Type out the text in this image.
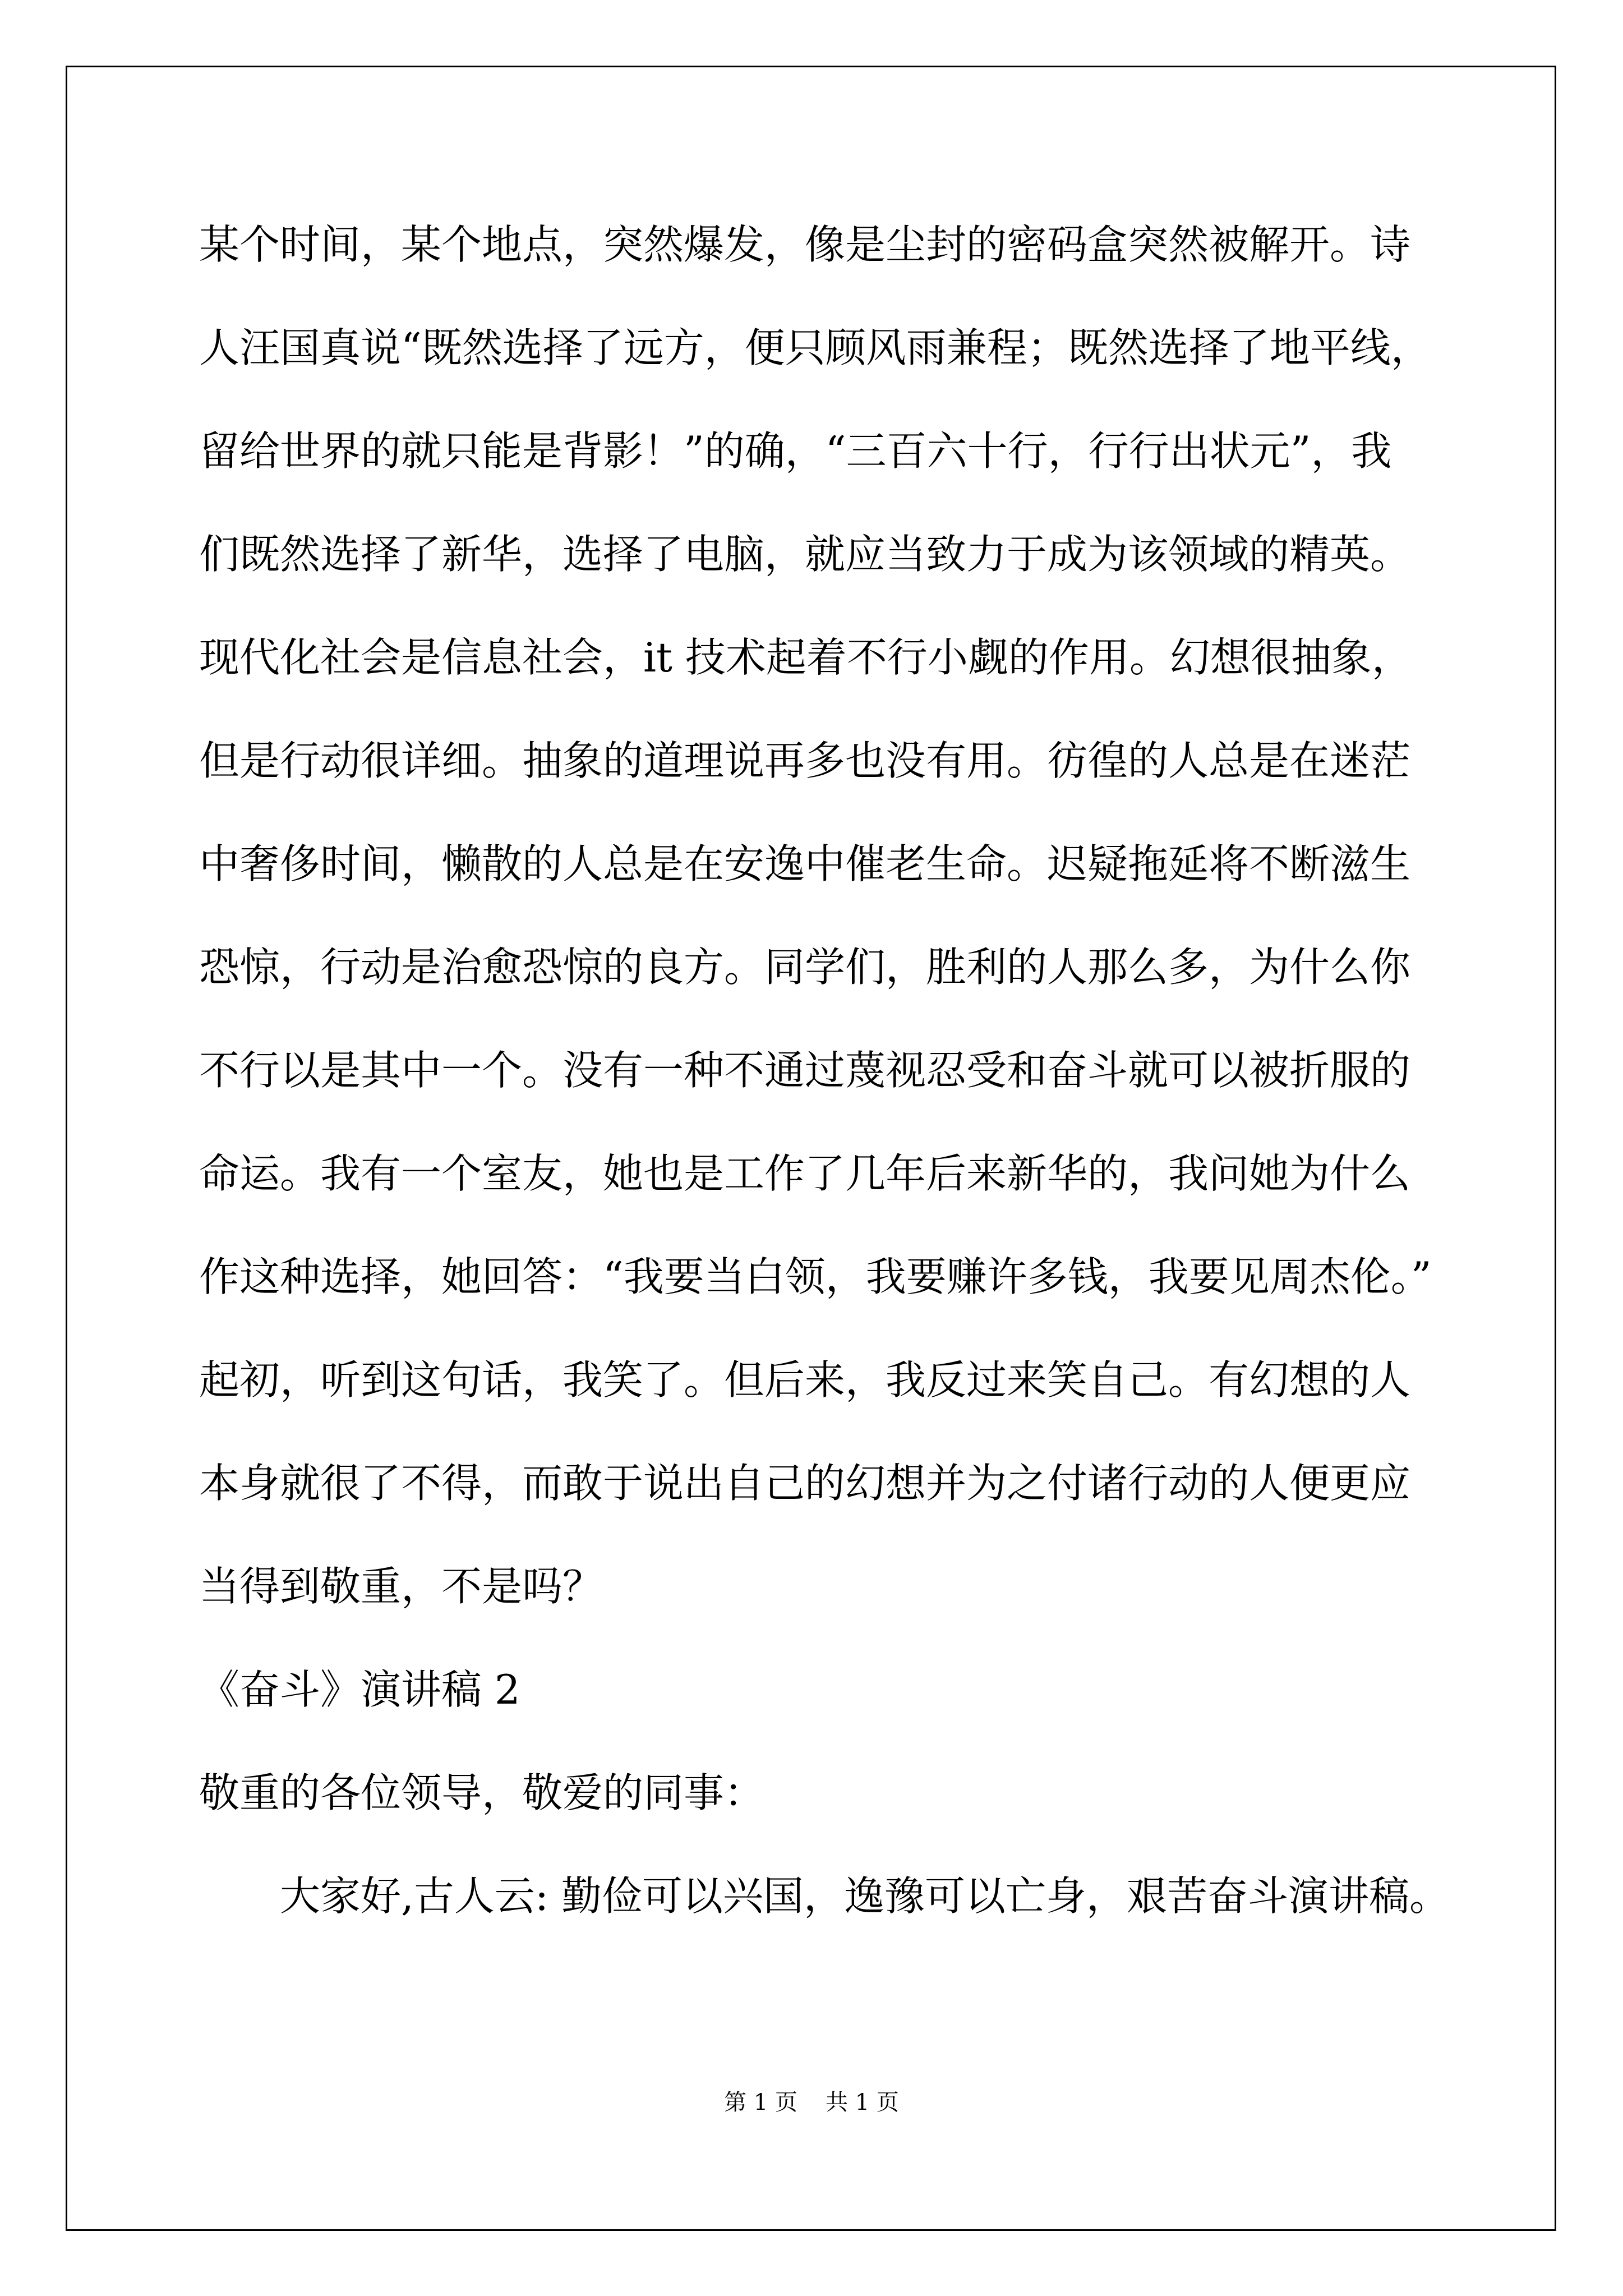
某个时间，某个地点，突然爆发，像是尘封的密码盒突然被解开。诗
人汪国真说“既然选择了远方，便只顾风雨兼程；既然选择了地平线，
留给世界的就只能是背影！”的确，“三百六十行，行行出状元”，我
们既然选择了新华，选择了电脑，就应当致力于成为该领域的精英。
现代化社会是信息社会，it 技术起着不行小觑的作用。幻想很抽象，
但是行动很详细。抽象的道理说再多也没有用。彷徨的人总是在迷茫
中奢侈时间，懒散的人总是在安逸中催老生命。迟疑拖延将不断滋生
恐惊，行动是治愈恐惊的良方。同学们，胜利的人那么多，为什么你
不行以是其中一个。没有一种不通过蔑视忍受和奋斗就可以被折服的
命运。我有一个室友，她也是工作了几年后来新华的，我问她为什么
作这种选择，她回答：“我要当白领，我要赚许多钱，我要见周杰伦。”
起初，听到这句话，我笑了。但后来，我反过来笑自己。有幻想的人
本身就很了不得，而敢于说出自己的幻想并为之付诸行动的人便更应
当得到敬重，不是吗？
《奋斗》演讲稿 2
敬重的各位领导，敬爱的同事：
大家好,古人云: 勤俭可以兴国，逸豫可以亡身，艰苦奋斗演讲稿。
第 1 页 共 1 页
